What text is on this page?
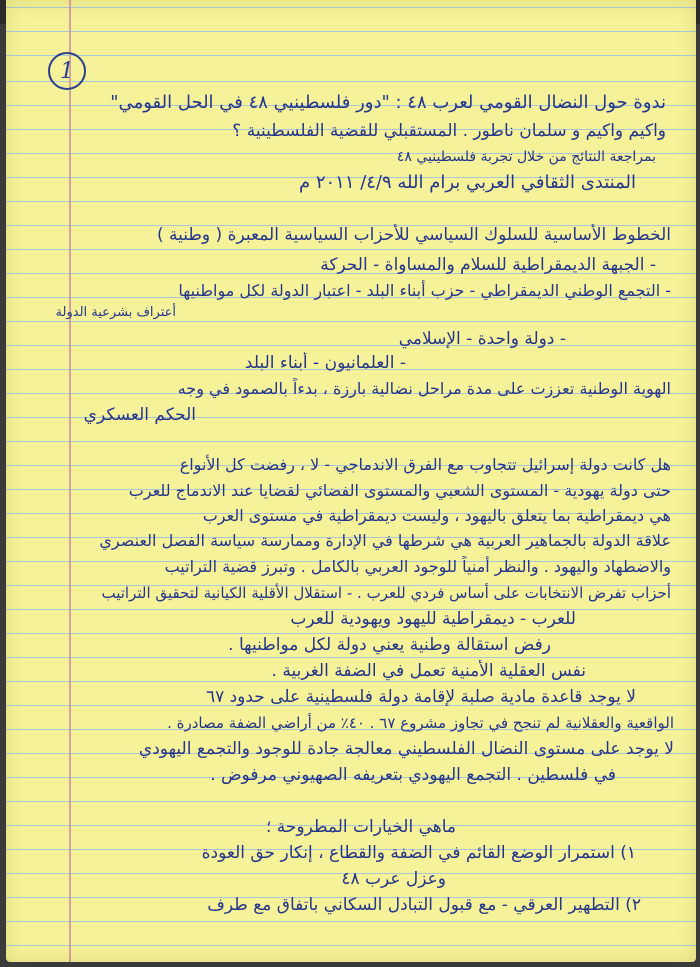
1
ندوة حول النضال القومي لعرب ٤٨ : "دور فلسطينيي ٤٨ في الحل القومي"
واكيم واكيم و سلمان ناطور . المستقبلي للقضية الفلسطينية ؟
بمراجعة النتائج من خلال تجربة فلسطينيي ٤٨
المنتدى الثقافي العربي برام الله ٤/٩/ ٢٠١١ م
الخطوط الأساسية للسلوك السياسي للأحزاب السياسية المعبرة ( وطنية )
- الجبهة الديمقراطية للسلام والمساواة - الحركة
- التجمع الوطني الديمقراطي - حزب أبناء البلد - اعتبار الدولة لكل مواطنيها
أعتراف بشرعية الدولة
- دولة واحدة - الإسلامي
- العلمانيون - أبناء البلد
الهوية الوطنية تعززت على مدة مراحل نضالية بارزة ، بدءاً بالصمود في وجه
الحكم العسكري
هل كانت دولة إسرائيل تتجاوب مع الفرق الاندماجي - لا ، رفضت كل الأنواع
حتى دولة يهودية - المستوى الشعبي والمستوى الفضائي لقضايا عند الاندماج للعرب
هي ديمقراطية بما يتعلق باليهود ، وليست ديمقراطية في مستوى العرب
علاقة الدولة بالجماهير العربية هي شرطها في الإدارة وممارسة سياسة الفصل العنصري
والاضطهاد واليهود . والنظر أمنياً للوجود العربي بالكامل . وتبرز قضية التراتيب
أحزاب تفرض الانتخابات على أساس فردي للعرب . - استقلال الأقلية الكيانية لتحقيق التراتيب
للعرب - ديمقراطية لليهود ويهودية للعرب
رفض استقالة وطنية يعني دولة لكل مواطنيها .
نفس العقلية الأمنية تعمل في الضفة الغربية .
لا يوجد قاعدة مادية صلبة لإقامة دولة فلسطينية على حدود ٦٧
الواقعية والعقلانية لم تنجح في تجاوز مشروع ٦٧ . ٤٠٪ من أراضي الضفة مصادرة .
لا يوجد على مستوى النضال الفلسطيني معالجة جادة للوجود والتجمع اليهودي
في فلسطين . التجمع اليهودي بتعريفه الصهيوني مرفوض .
ماهي الخيارات المطروحة ؛
١) استمرار الوضع القائم في الضفة والقطاع ، إنكار حق العودة
وعزل عرب ٤٨
٢) التطهير العرقي - مع قبول التبادل السكاني باتفاق مع طرف
